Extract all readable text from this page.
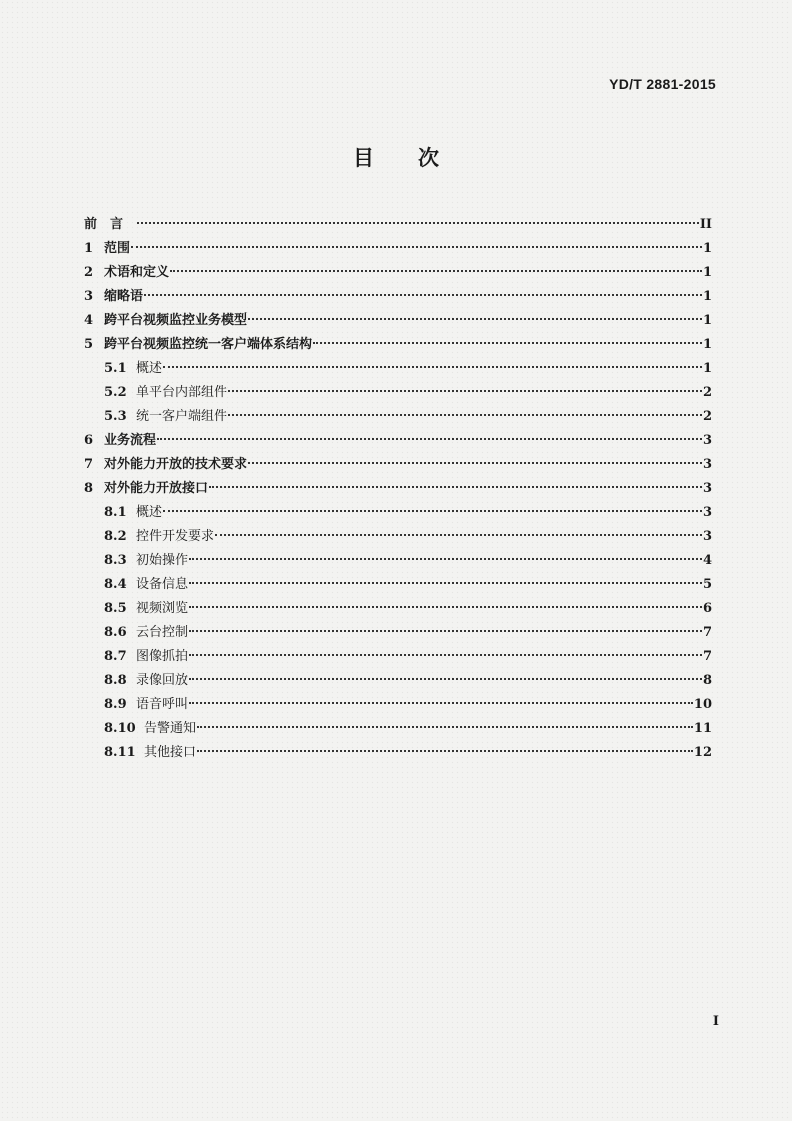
YD/T 2881-2015
目次
前言	II
1 范围	1
2 术语和定义	1
3 缩略语	1
4 跨平台视频监控业务模型	1
5 跨平台视频监控统一客户端体系结构	1
5.1 概述	1
5.2 单平台内部组件	2
5.3 统一客户端组件	2
6 业务流程	3
7 对外能力开放的技术要求	3
8 对外能力开放接口	3
8.1 概述	3
8.2 控件开发要求	3
8.3 初始操作	4
8.4 设备信息	5
8.5 视频浏览	6
8.6 云台控制	7
8.7 图像抓拍	7
8.8 录像回放	8
8.9 语音呼叫	10
8.10 告警通知	11
8.11 其他接口	12
I
